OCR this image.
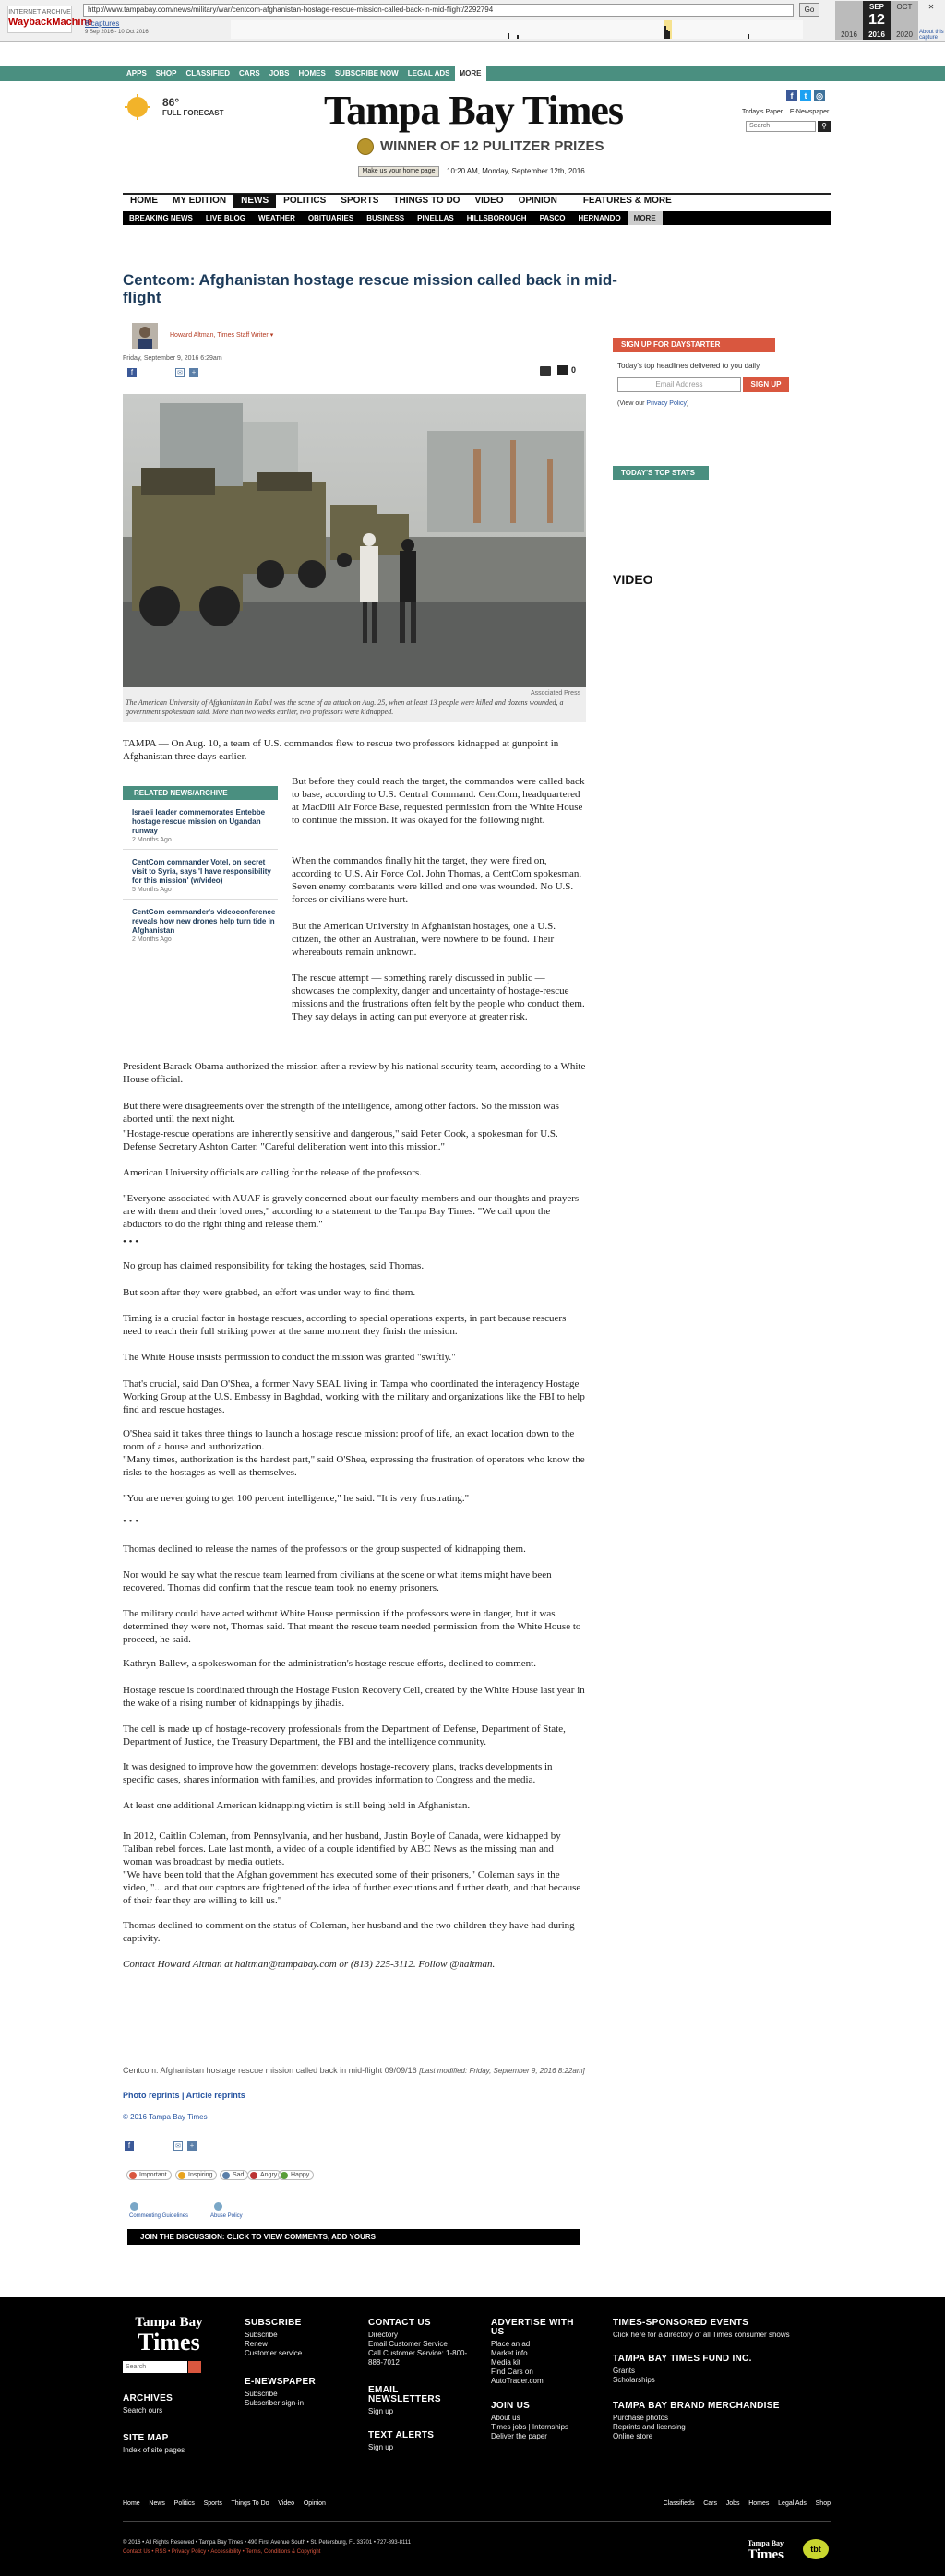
INTERNET ARCHIVE
WaybackMachine
http://www.tampabay.com/news/military/war/centcom-afghanistan-hostage-rescue-mission-called-back-in-mid-flight/2292794	Go
8 captures
9 Sep 2016 - 10 Oct 2016
SEP	OCT
12
2016	2016	2020
✕
About this capture
APPS	SHOP	CLASSIFIED	CARS	JOBS	HOMES	SUBSCRIBE NOW	LEGAL ADS	MORE
86°
FULL FORECAST Tampa Bay Times
WINNER OF 12 PULITZER PRIZES
Make us your home page	10:20 AM, Monday, September 12th, 2016
f	t	◎
Today's Paper E-Newspaper
Search	⚲
HOME	MY EDITION	NEWS	POLITICS	SPORTS	THINGS TO DO	VIDEO	OPINION	FEATURES & MORE
BREAKING NEWS	LIVE BLOG	WEATHER	OBITUARIES	BUSINESS	PINELLAS	HILLSBOROUGH	PASCO	HERNANDO	MORE
Centcom: Afghanistan hostage rescue mission called back in mid-flight
Howard Altman, Times Staff Writer ▾
Friday, September 9, 2016 6:29am
f	✉	+	0
Associated Press
The American University of Afghanistan in Kabul was the scene of an attack on Aug. 25, when at least 13 people were killed and dozens wounded, a government spokesman said. More than two weeks earlier, two professors were kidnapped.
TAMPA — On Aug. 10, a team of U.S. commandos flew to rescue two professors kidnapped at gunpoint in Afghanistan three days earlier.
RELATED NEWS/ARCHIVE
Israeli leader commemorates Entebbe hostage rescue mission on Ugandan runway
2 Months Ago
CentCom commander Votel, on secret visit to Syria, says 'I have responsibility for this mission' (w/video)
5 Months Ago
CentCom commander's videoconference reveals how new drones help turn tide in Afghanistan
2 Months Ago
But before they could reach the target, the commandos were called back to base, according to U.S. Central Command. CentCom, headquartered at MacDill Air Force Base, requested permission from the White House to continue the mission. It was okayed for the following night.
When the commandos finally hit the target, they were fired on, according to U.S. Air Force Col. John Thomas, a CentCom spokesman. Seven enemy combatants were killed and one was wounded. No U.S. forces or civilians were hurt.
But the American University in Afghanistan hostages, one a U.S. citizen, the other an Australian, were nowhere to be found. Their whereabouts remain unknown.
The rescue attempt — something rarely discussed in public — showcases the complexity, danger and uncertainty of hostage-rescue missions and the frustrations often felt by the people who conduct them. They say delays in acting can put everyone at greater risk.
President Barack Obama authorized the mission after a review by his national security team, according to a White House official.
But there were disagreements over the strength of the intelligence, among other factors. So the mission was aborted until the next night.
"Hostage-rescue operations are inherently sensitive and dangerous," said Peter Cook, a spokesman for U.S. Defense Secretary Ashton Carter. "Careful deliberation went into this mission."
American University officials are calling for the release of the professors.
"Everyone associated with AUAF is gravely concerned about our faculty members and our thoughts and prayers are with them and their loved ones," according to a statement to the Tampa Bay Times. "We call upon the abductors to do the right thing and release them."
• • •
No group has claimed responsibility for taking the hostages, said Thomas.
But soon after they were grabbed, an effort was under way to find them.
Timing is a crucial factor in hostage rescues, according to special operations experts, in part because rescuers need to reach their full striking power at the same moment they finish the mission.
The White House insists permission to conduct the mission was granted "swiftly."
That's crucial, said Dan O'Shea, a former Navy SEAL living in Tampa who coordinated the interagency Hostage Working Group at the U.S. Embassy in Baghdad, working with the military and organizations like the FBI to help find and rescue hostages.
O'Shea said it takes three things to launch a hostage rescue mission: proof of life, an exact location down to the room of a house and authorization.
"Many times, authorization is the hardest part," said O'Shea, expressing the frustration of operators who know the risks to the hostages as well as themselves.
"You are never going to get 100 percent intelligence," he said. "It is very frustrating."
• • •
Thomas declined to release the names of the professors or the group suspected of kidnapping them.
Nor would he say what the rescue team learned from civilians at the scene or what items might have been recovered. Thomas did confirm that the rescue team took no enemy prisoners.
The military could have acted without White House permission if the professors were in danger, but it was determined they were not, Thomas said. That meant the rescue team needed permission from the White House to proceed, he said.
Kathryn Ballew, a spokeswoman for the administration's hostage rescue efforts, declined to comment.
Hostage rescue is coordinated through the Hostage Fusion Recovery Cell, created by the White House last year in the wake of a rising number of kidnappings by jihadis.
The cell is made up of hostage-recovery professionals from the Department of Defense, Department of State, Department of Justice, the Treasury Department, the FBI and the intelligence community.
It was designed to improve how the government develops hostage-recovery plans, tracks developments in specific cases, shares information with families, and provides information to Congress and the media.
At least one additional American kidnapping victim is still being held in Afghanistan.
In 2012, Caitlin Coleman, from Pennsylvania, and her husband, Justin Boyle of Canada, were kidnapped by Taliban rebel forces. Late last month, a video of a couple identified by ABC News as the missing man and woman was broadcast by media outlets.
"We have been told that the Afghan government has executed some of their prisoners," Coleman says in the video, "... and that our captors are frightened of the idea of further executions and further death, and that because of their fear they are willing to kill us."
Thomas declined to comment on the status of Coleman, her husband and the two children they have had during captivity.
Contact Howard Altman at haltman@tampabay.com or (813) 225-3112. Follow @haltman.
SIGN UP FOR DAYSTARTER
Today's top headlines delivered to you daily.
Email Address	SIGN UP
(View our Privacy Policy)
TODAY'S TOP STATS
VIDEO
Centcom: Afghanistan hostage rescue mission called back in mid-flight 09/09/16 [Last modified: Friday, September 9, 2016 8:22am]
Photo reprints | Article reprints
© 2016 Tampa Bay Times
f	✉	+
Important	Inspiring	Sad	Angry	Happy
Commenting Guidelines	Abuse Policy
JOIN THE DISCUSSION: CLICK TO VIEW COMMENTS, ADD YOURS
Tampa Bay
Times
Search
ARCHIVES
Search ours
SITE MAP
Index of site pages
SUBSCRIBE
Subscribe
Renew
Customer service
E-NEWSPAPER
Subscribe
Subscriber sign-in
CONTACT US
Directory
Email Customer Service
Call Customer Service: 1-800-888-7012
EMAIL NEWSLETTERS
Sign up
TEXT ALERTS
Sign up
ADVERTISE WITH US
Place an ad
Market info
Media kit
Find Cars on AutoTrader.com
JOIN US
About us
Times jobs | Internships
Deliver the paper
TIMES-SPONSORED EVENTS
Click here for a directory of all Times consumer shows
TAMPA BAY TIMES FUND INC.
Grants
Scholarships
TAMPA BAY BRAND MERCHANDISE
Purchase photos
Reprints and licensing
Online store
Home News Politics Sports Things To Do Video Opinion	Classifieds Cars Jobs Homes Legal Ads Shop
© 2016 • All Rights Reserved • Tampa Bay Times • 490 First Avenue South • St. Petersburg, FL 33701 • 727-893-8111
Contact Us • RSS • Privacy Policy • Accessibility • Terms, Conditions & Copyright
Tampa Bay
Times	tbt
